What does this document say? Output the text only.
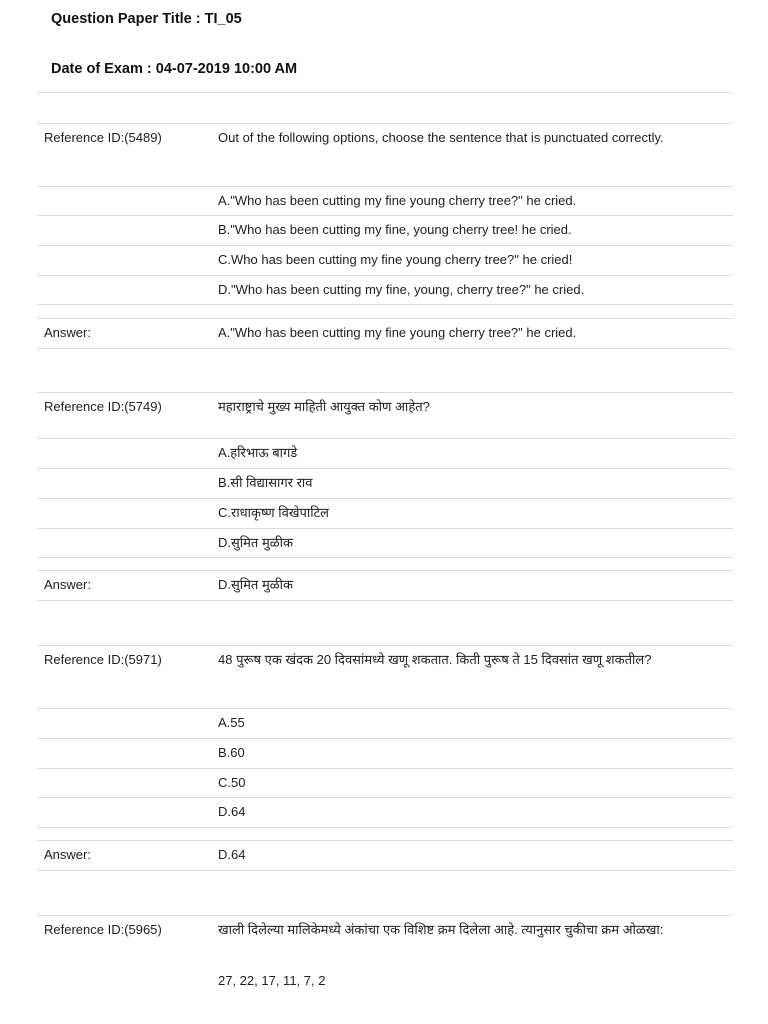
Question Paper Title : TI_05
Date of Exam : 04-07-2019 10:00 AM
Reference ID:(5489)	Out of the following options, choose the sentence that is punctuated correctly.
A."Who has been cutting my fine young cherry tree?" he cried.
B."Who has been cutting my fine, young cherry tree! he cried.
C.Who has been cutting my fine young cherry tree?" he cried!
D."Who has been cutting my fine, young, cherry tree?" he cried.
Answer:	A."Who has been cutting my fine young cherry tree?" he cried.
Reference ID:(5749)	महाराष्ट्राचे मुख्य माहिती आयुक्त कोण आहेत?
A.हरिभाऊ बागडे
B.सी विद्यासागर राव
C.राधाकृष्ण विखेपाटिल
D.सुमित मुळीक
Answer:	D.सुमित मुळीक
Reference ID:(5971)	48 पुरूष एक खंदक 20 दिवसांमध्ये खणू शकतात. किती पुरूष ते 15 दिवसांत खणू शकतील?
A.55
B.60
C.50
D.64
Answer:	D.64
Reference ID:(5965)	खाली दिलेल्या मालिकेमध्ये अंकांचा एक विशिष्ट क्रम दिलेला आहे. त्यानुसार चुकीचा क्रम ओळखा:
27, 22, 17, 11, 7, 2
